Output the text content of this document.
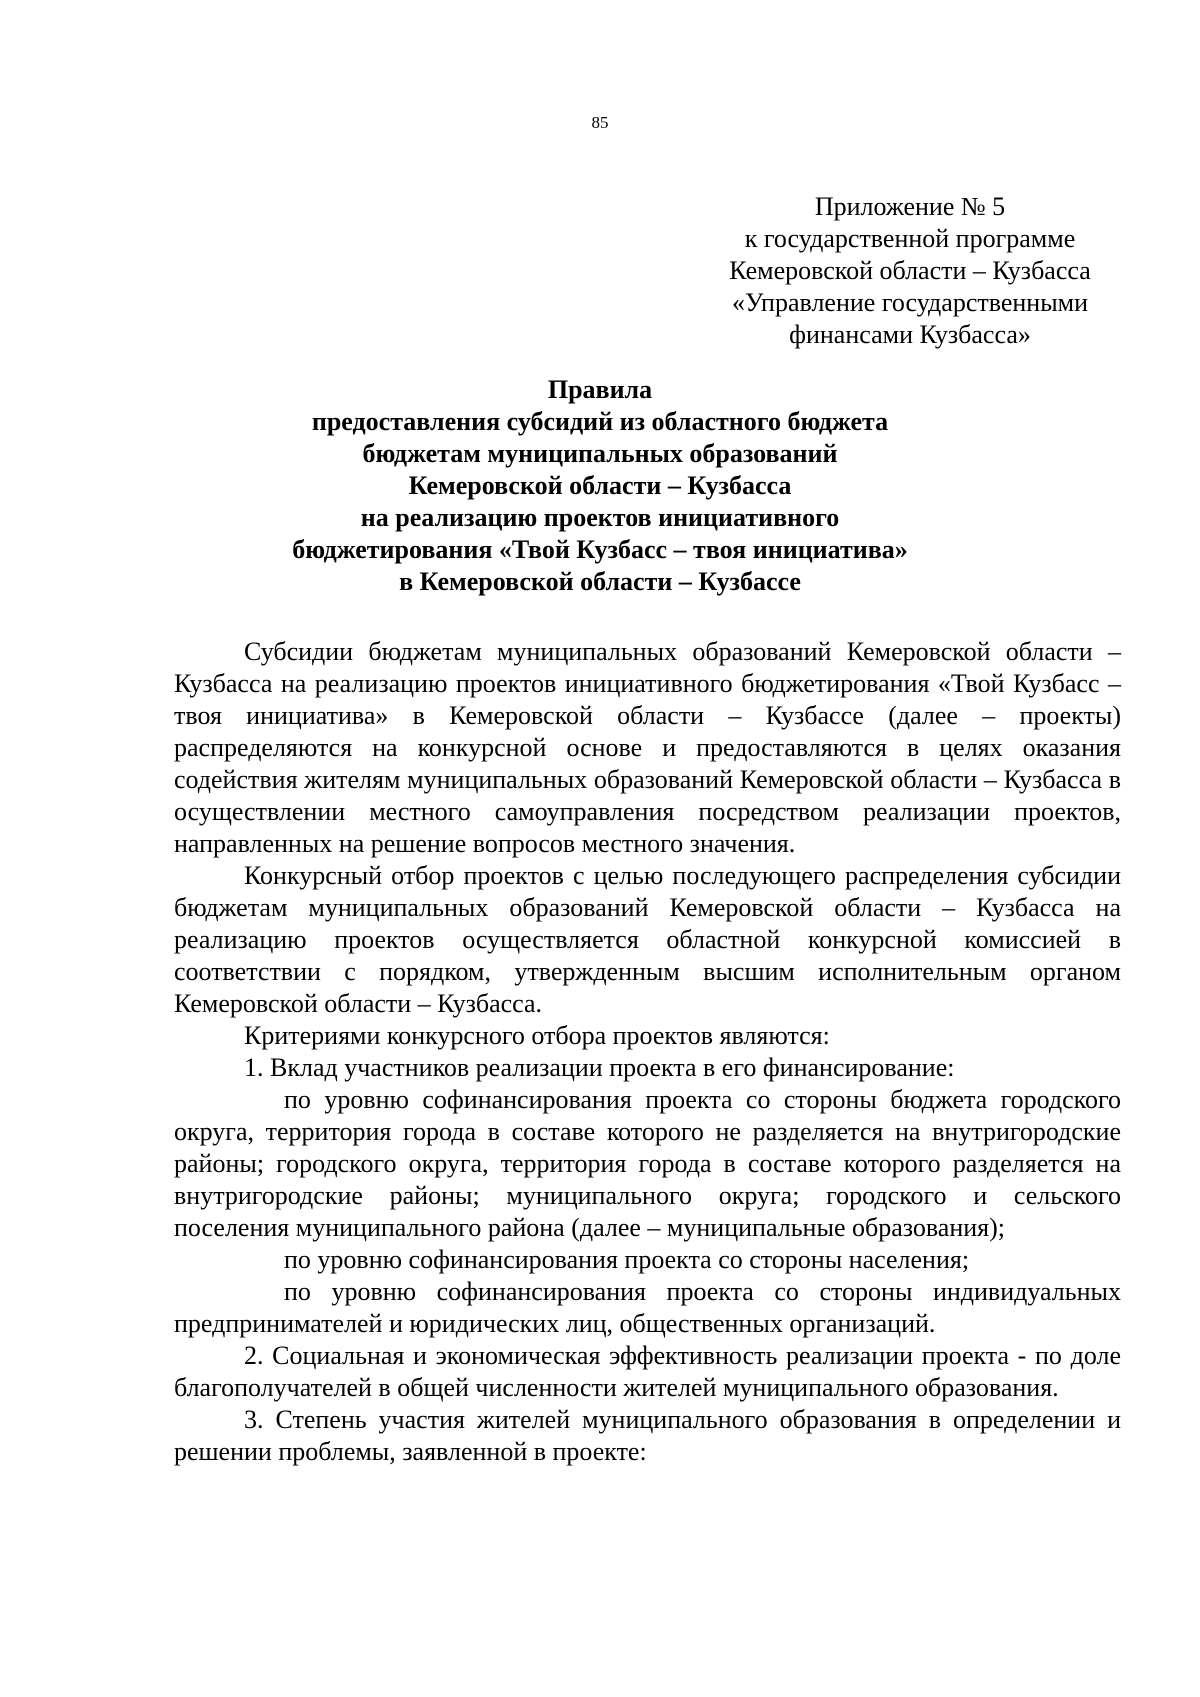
85
Приложение № 5
к государственной программе
Кемеровской области – Кузбасса
«Управление государственными
финансами Кузбасса»
Правила
предоставления субсидий из областного бюджета
бюджетам муниципальных образований
Кемеровской области – Кузбасса
на реализацию проектов инициативного
бюджетирования «Твой Кузбасс – твоя инициатива»
в Кемеровской области – Кузбассе

Субсидии бюджетам муниципальных образований Кемеровской области – Кузбасса на реализацию проектов инициативного бюджетирования «Твой Кузбасс – твоя инициатива» в Кемеровской области – Кузбассе (далее – проекты) распределяются на конкурсной основе и предоставляются в целях оказания содействия жителям муниципальных образований Кемеровской области – Кузбасса в осуществлении местного самоуправления посредством реализации проектов, направленных на решение вопросов местного значения.

Конкурсный отбор проектов с целью последующего распределения субсидии бюджетам муниципальных образований Кемеровской области – Кузбасса на реализацию проектов осуществляется областной конкурсной комиссией в соответствии с порядком, утвержденным высшим исполнительным органом Кемеровской области – Кузбасса.

Критериями конкурсного отбора проектов являются:

1. Вклад участников реализации проекта в его финансирование:

по уровню софинансирования проекта со стороны бюджета городского округа, территория города в составе которого не разделяется на внутригородские районы; городского округа, территория города в составе которого разделяется на внутригородские районы; муниципального округа; городского и сельского поселения муниципального района (далее – муниципальные образования);

по уровню софинансирования проекта со стороны населения;

по уровню софинансирования проекта со стороны индивидуальных предпринимателей и юридических лиц, общественных организаций.

2. Социальная и экономическая эффективность реализации проекта - по доле благополучателей в общей численности жителей муниципального образования.

3. Степень участия жителей муниципального образования в определении и решении проблемы, заявленной в проекте:
